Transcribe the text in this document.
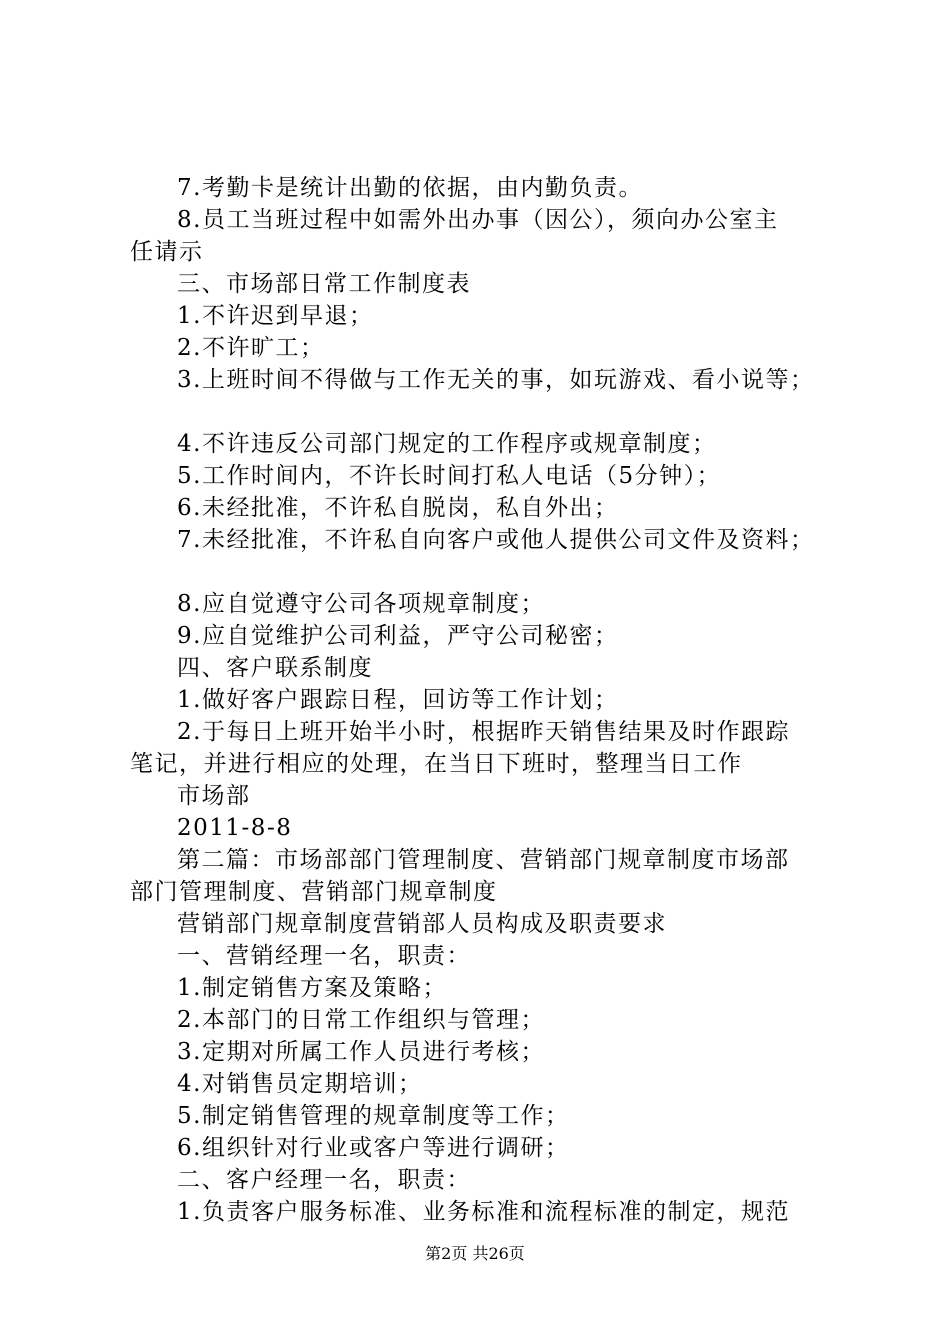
7.考勤卡是统计出勤的依据，由内勤负责。
8.员工当班过程中如需外出办事（因公），须向办公室主
任请示
三、市场部日常工作制度表
1.不许迟到早退；
2.不许旷工；
3.上班时间不得做与工作无关的事，如玩游戏、看小说等；
4.不许违反公司部门规定的工作程序或规章制度；
5.工作时间内，不许长时间打私人电话（5分钟）；
6.未经批准，不许私自脱岗，私自外出；
7.未经批准，不许私自向客户或他人提供公司文件及资料；
8.应自觉遵守公司各项规章制度；
9.应自觉维护公司利益，严守公司秘密；
四、客户联系制度
1.做好客户跟踪日程，回访等工作计划；
2.于每日上班开始半小时，根据昨天销售结果及时作跟踪
笔记，并进行相应的处理，在当日下班时，整理当日工作
市场部
2011-8-8
第二篇：市场部部门管理制度、营销部门规章制度市场部
部门管理制度、营销部门规章制度
营销部门规章制度营销部人员构成及职责要求
一、营销经理一名，职责：
1.制定销售方案及策略；
2.本部门的日常工作组织与管理；
3.定期对所属工作人员进行考核；
4.对销售员定期培训；
5.制定销售管理的规章制度等工作；
6.组织针对行业或客户等进行调研；
二、客户经理一名，职责：
1.负责客户服务标准、业务标准和流程标准的制定，规范
第2页 共26页
